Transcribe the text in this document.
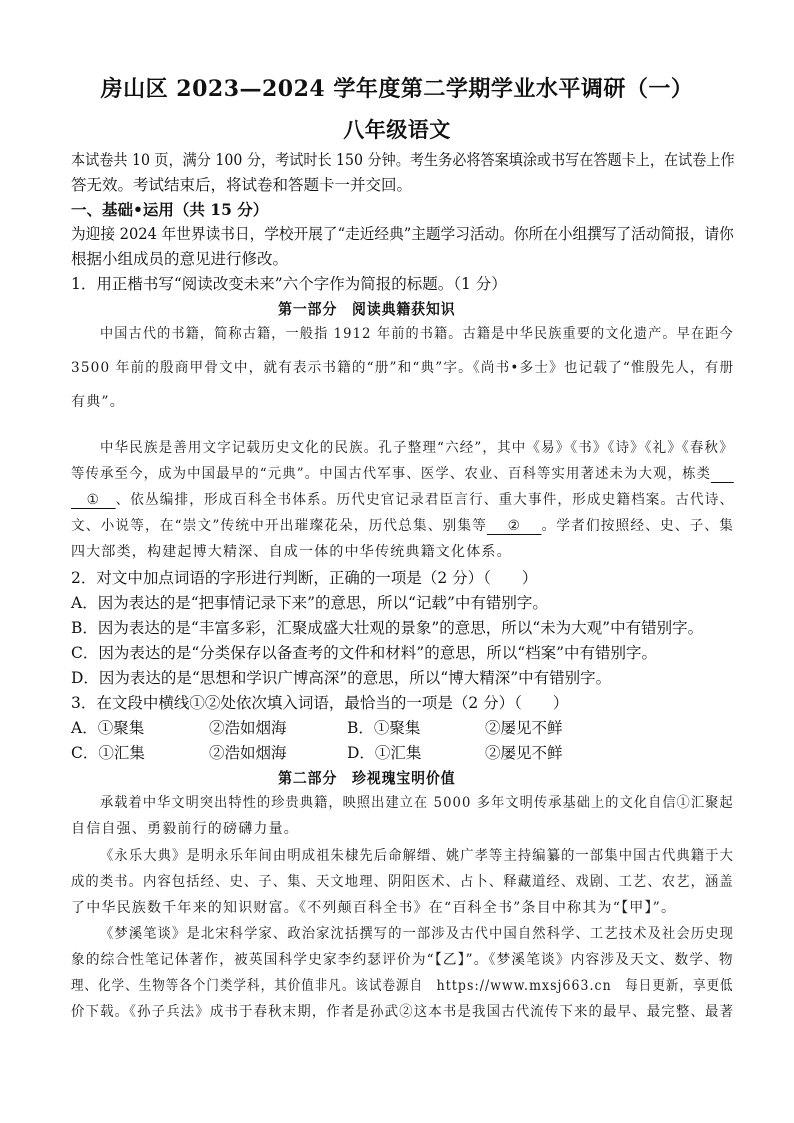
房山区 2023—2024 学年度第二学期学业水平调研（一）
八年级语文
本试卷共 10 页，满分 100 分，考试时长 150 分钟。考生务必将答案填涂或书写在答题卡上，在试卷上作
答无效。考试结束后，将试卷和答题卡一并交回。
一、基础•运用（共 15 分）
为迎接 2024 年世界读书日，学校开展了“走近经典”主题学习活动。你所在小组撰写了活动简报，请你
根据小组成员的意见进行修改。
1．用正楷书写“阅读改变未来”六个字作为简报的标题。（1 分）
第一部分　阅读典籍获知识
中国古代的书籍，简称古籍，一般指 1912 年前的书籍。古籍是中华民族重要的文化遗产。早在距今
3500 年前的殷商甲骨文中，就有表示书籍的“册”和“典”字。《尚书•多士》也记载了“惟殷先人，有册
有典”。
中华民族是善用文字记载历史文化的民族。孔子整理“六经”，其中《易》《书》《诗》《礼》《春秋》
等传承至今，成为中国最早的“元典”。中国古代军事、医学、农业、百科等实用著述未为大观，栋类
① 、依丛编排，形成百科全书体系。历代史官记录君臣言行、重大事件，形成史籍档案。古代诗、
文、小说等，在“崇文”传统中开出璀璨花朵，历代总集、别集等 ② 。学者们按照经、史、子、集
四大部类，构建起博大精深、自成一体的中华传统典籍文化体系。
2．对文中加点词语的字形进行判断，正确的一项是（2 分）（　　）
A．因为表达的是“把事情记录下来”的意思，所以“记载”中有错别字。
B．因为表达的是“丰富多彩，汇聚成盛大壮观的景象”的意思，所以“未为大观”中有错别字。
C．因为表达的是“分类保存以备查考的文件和材料”的意思，所以“档案”中有错别字。
D．因为表达的是“思想和学识广博高深”的意思，所以“博大精深”中有错别字。
3．在文段中横线①②处依次填入词语，最恰当的一项是（2 分）（　　）
A．①聚集	②浩如烟海	B．①聚集	②屡见不鲜
C．①汇集	②浩如烟海	D．①汇集	②屡见不鲜
第二部分　珍视瑰宝明价值
承载着中华文明突出特性的珍贵典籍，映照出建立在 5000 多年文明传承基础上的文化自信①汇聚起
自信自强、勇毅前行的磅礴力量。
《永乐大典》是明永乐年间由明成祖朱棣先后命解缙、姚广孝等主持编纂的一部集中国古代典籍于大
成的类书。内容包括经、史、子、集、天文地理、阴阳医术、占卜、释藏道经、戏剧、工艺、农艺，涵盖
了中华民族数千年来的知识财富。《不列颠百科全书》在“百科全书”条目中称其为“【甲】”。
《梦溪笔谈》是北宋科学家、政治家沈括撰写的一部涉及古代中国自然科学、工艺技术及社会历史现
象的综合性笔记体著作，被英国科学史家李约瑟评价为“【乙】”。《梦溪笔谈》内容涉及天文、数学、物
理、化学、生物等各个门类学科，其价值非凡。该试卷源自　https://www.mxsj663.cn　每日更新，享更低
价下载。《孙子兵法》成书于春秋末期，作者是孙武②这本书是我国古代流传下来的最早、最完整、最著
